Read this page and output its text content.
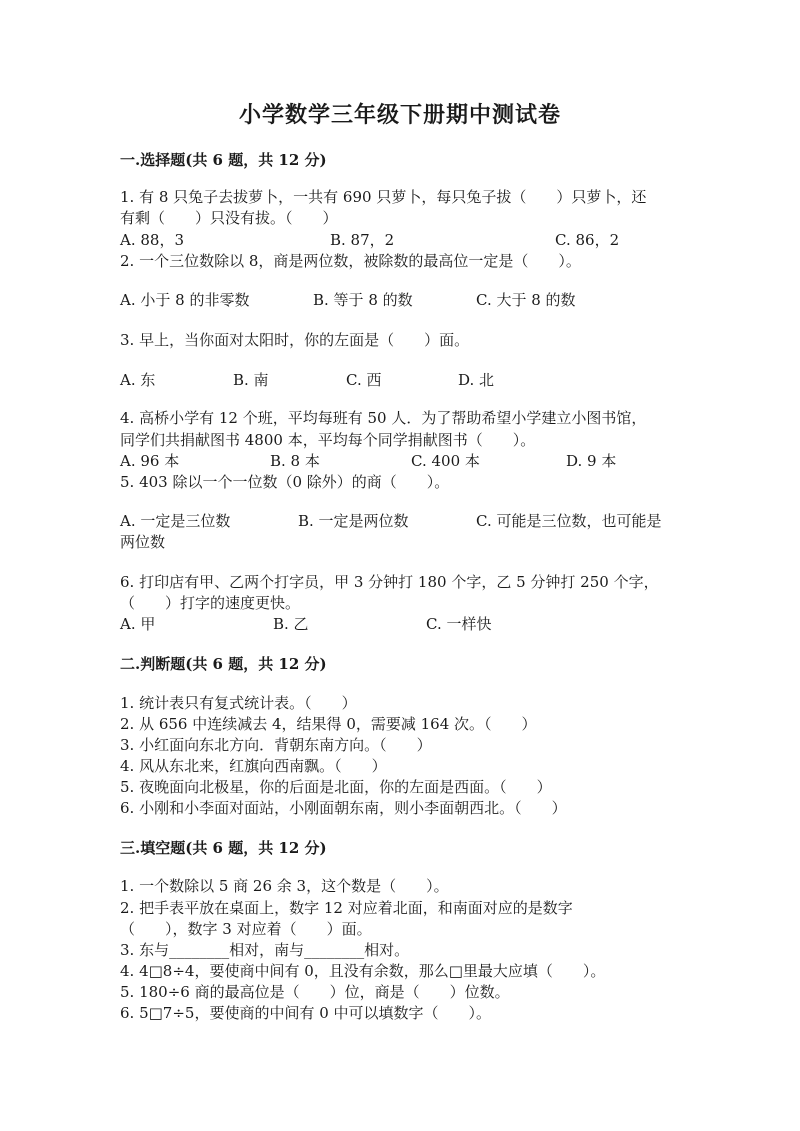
小学数学三年级下册期中测试卷
一.选择题(共 6 题，共 12 分)
1. 有 8 只兔子去拔萝卜，一共有 690 只萝卜，每只兔子拔（　　）只萝卜，还
有剩（　　）只没有拔。（　　）
A. 88，3	B. 87，2	C. 86，2
2. 一个三位数除以 8，商是两位数，被除数的最高位一定是（　　）。
A. 小于 8 的非零数	B. 等于 8 的数	C. 大于 8 的数
3. 早上，当你面对太阳时，你的左面是（　　）面。
A. 东	B. 南	C. 西	D. 北
4. 高桥小学有 12 个班，平均每班有 50 人．为了帮助希望小学建立小图书馆，
同学们共捐献图书 4800 本，平均每个同学捐献图书（　　）。
A. 96 本	B. 8 本	C. 400 本	D. 9 本
5. 403 除以一个一位数（0 除外）的商（　　）。
A. 一定是三位数	B. 一定是两位数	C. 可能是三位数，也可能是
两位数
6. 打印店有甲、乙两个打字员，甲 3 分钟打 180 个字，乙 5 分钟打 250 个字，
（　　）打字的速度更快。
A. 甲	B. 乙	C. 一样快
二.判断题(共 6 题，共 12 分)
1. 统计表只有复式统计表。（　　）
2. 从 656 中连续减去 4，结果得 0，需要减 164 次。（　　）
3. 小红面向东北方向．背朝东南方向。（　　）
4. 风从东北来，红旗向西南飘。（　　）
5. 夜晚面向北极星，你的后面是北面，你的左面是西面。（　　）
6. 小刚和小李面对面站，小刚面朝东南，则小李面朝西北。（　　）
三.填空题(共 6 题，共 12 分)
1. 一个数除以 5 商 26 余 3，这个数是（　　）。
2. 把手表平放在桌面上，数字 12 对应着北面，和南面对应的是数字
（　　），数字 3 对应着（　　）面。
3. 东与________相对，南与________相对。
4. 4□8÷4，要使商中间有 0，且没有余数，那么□里最大应填（　　）。
5. 180÷6 商的最高位是（　　）位，商是（　　）位数。
6. 5□7÷5，要使商的中间有 0 中可以填数字（　　）。
